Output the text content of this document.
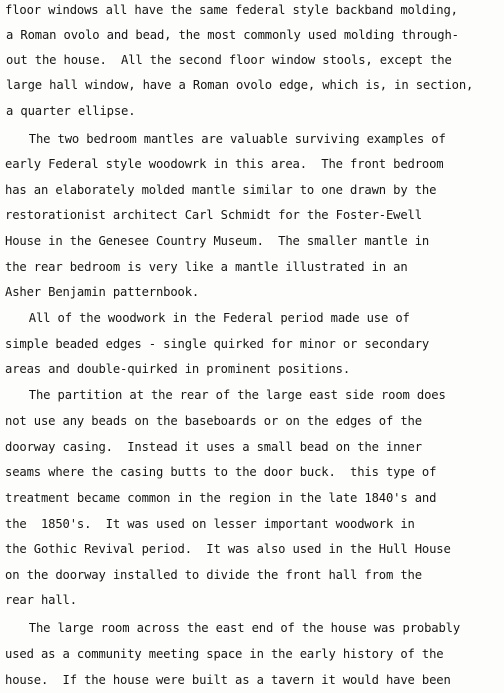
floor windows all have the same federal style backband molding,
a Roman ovolo and bead, the most commonly used molding through-
out the house.  All the second floor window stools, except the
large hall window, have a Roman ovolo edge, which is, in section,
a quarter ellipse.
The two bedroom mantles are valuable surviving examples of
early Federal style woodowrk in this area.  The front bedroom
has an elaborately molded mantle similar to one drawn by the
restorationist architect Carl Schmidt for the Foster-Ewell
House in the Genesee Country Museum.  The smaller mantle in
the rear bedroom is very like a mantle illustrated in an
Asher Benjamin patternbook.
All of the woodwork in the Federal period made use of
simple beaded edges - single quirked for minor or secondary
areas and double-quirked in prominent positions.
The partition at the rear of the large east side room does
not use any beads on the baseboards or on the edges of the
doorway casing.  Instead it uses a small bead on the inner
seams where the casing butts to the door buck.  this type of
treatment became common in the region in the late 1840's and
the  1850's.  It was used on lesser important woodwork in
the Gothic Revival period.  It was also used in the Hull House
on the doorway installed to divide the front hall from the
rear hall.
The large room across the east end of the house was probably
used as a community meeting space in the early history of the
house.  If the house were built as a tavern it would have been
